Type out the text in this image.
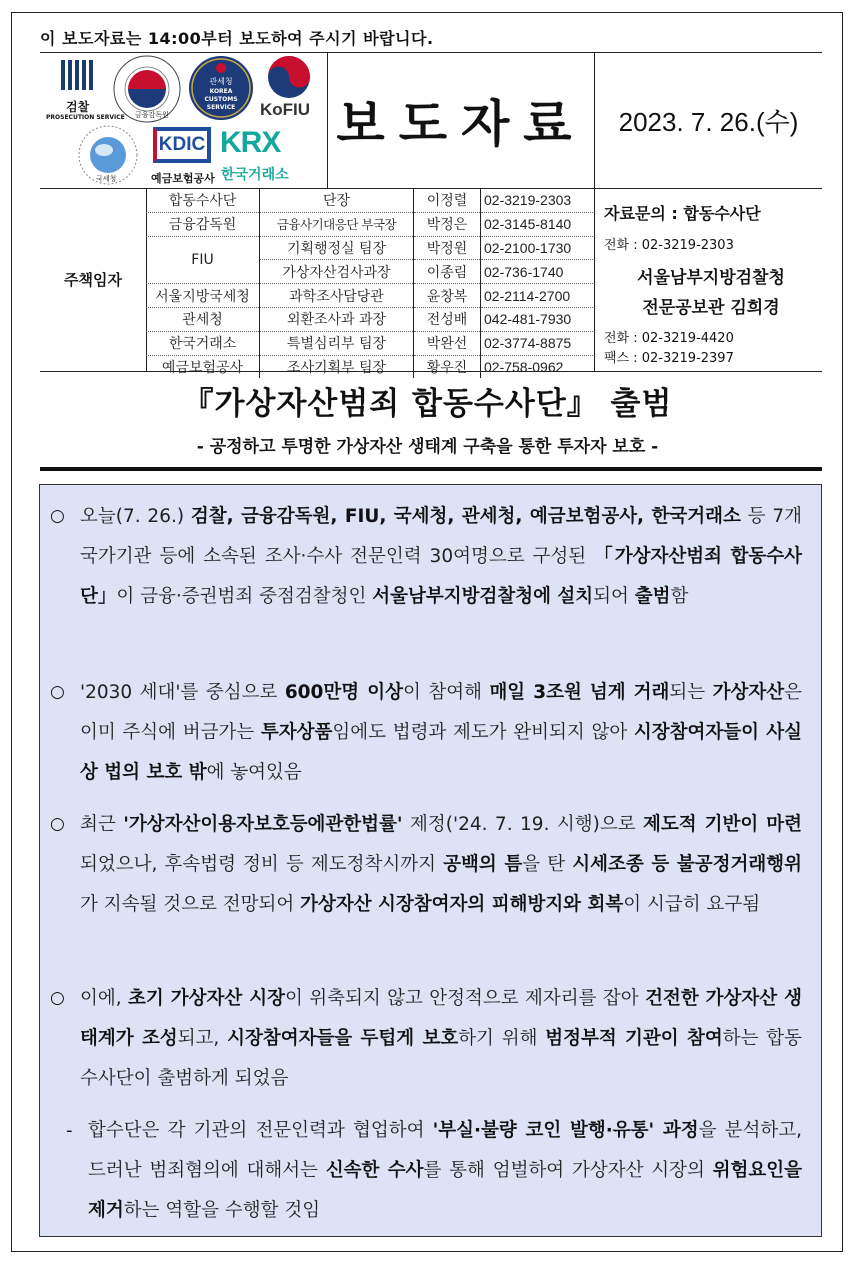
이 보도자료는 14:00부터 보도하여 주시기 바랍니다.
검찰
PROSECUTION SERVICE 금융감독원
관세청
KOREA CUSTOMS SERVICE KoFIU
국세청
KDIC
예금보험공사
KRX
한국거래소
보도자료	2023. 7. 26.(수)
주책임자
합동수사단	단장	이정렬	02-3219-2303
금융감독원	금융사기대응단 부국장	박정은	02-3145-8140
FIU	기획행정실 팀장	박정원	02-2100-1730
	가상자산검사과장	이종림	02-736-1740
서울지방국세청	과학조사담당관	윤창복	02-2114-2700
관세청	외환조사과 과장	전성배	042-481-7930
한국거래소	특별심리부 팀장	박완선	02-3774-8875
예금보험공사	조사기획부 팀장	황우진	02-758-0962
자료문의 : 합동수사단
전화 : 02-3219-2303
서울남부지방검찰청
전문공보관 김희경
전화 : 02-3219-4420
팩스 : 02-3219-2397
『가상자산범죄 합동수사단』 출범
- 공정하고 투명한 가상자산 생태계 구축을 통한 투자자 보호 -
○ 오늘(7. 26.) 검찰, 금융감독원, FIU, 국세청, 관세청, 예금보험공사, 한국거래소 등 7개 국가기관 등에 소속된 조사·수사 전문인력 30여명으로 구성된 「가상자산범죄 합동수사단」이 금융·증권범죄 중점검찰청인 서울남부지방검찰청에 설치되어 출범함
○ '2030 세대'를 중심으로 600만명 이상이 참여해 매일 3조원 넘게 거래되는 가상자산은 이미 주식에 버금가는 투자상품임에도 법령과 제도가 완비되지 않아 시장참여자들이 사실상 법의 보호 밖에 놓여있음
○ 최근 '가상자산이용자보호등에관한법률' 제정('24. 7. 19. 시행)으로 제도적 기반이 마련되었으나, 후속법령 정비 등 제도정착시까지 공백의 틈을 탄 시세조종 등 불공정거래행위가 지속될 것으로 전망되어 가상자산 시장참여자의 피해방지와 회복이 시급히 요구됨
○ 이에, 초기 가상자산 시장이 위축되지 않고 안정적으로 제자리를 잡아 건전한 가상자산 생태계가 조성되고, 시장참여자들을 두텁게 보호하기 위해 범정부적 기관이 참여하는 합동수사단이 출범하게 되었음
- 합수단은 각 기관의 전문인력과 협업하여 '부실·불량 코인 발행·유통' 과정을 분석하고, 드러난 범죄혐의에 대해서는 신속한 수사를 통해 엄벌하여 가상자산 시장의 위험요인을 제거하는 역할을 수행할 것임
